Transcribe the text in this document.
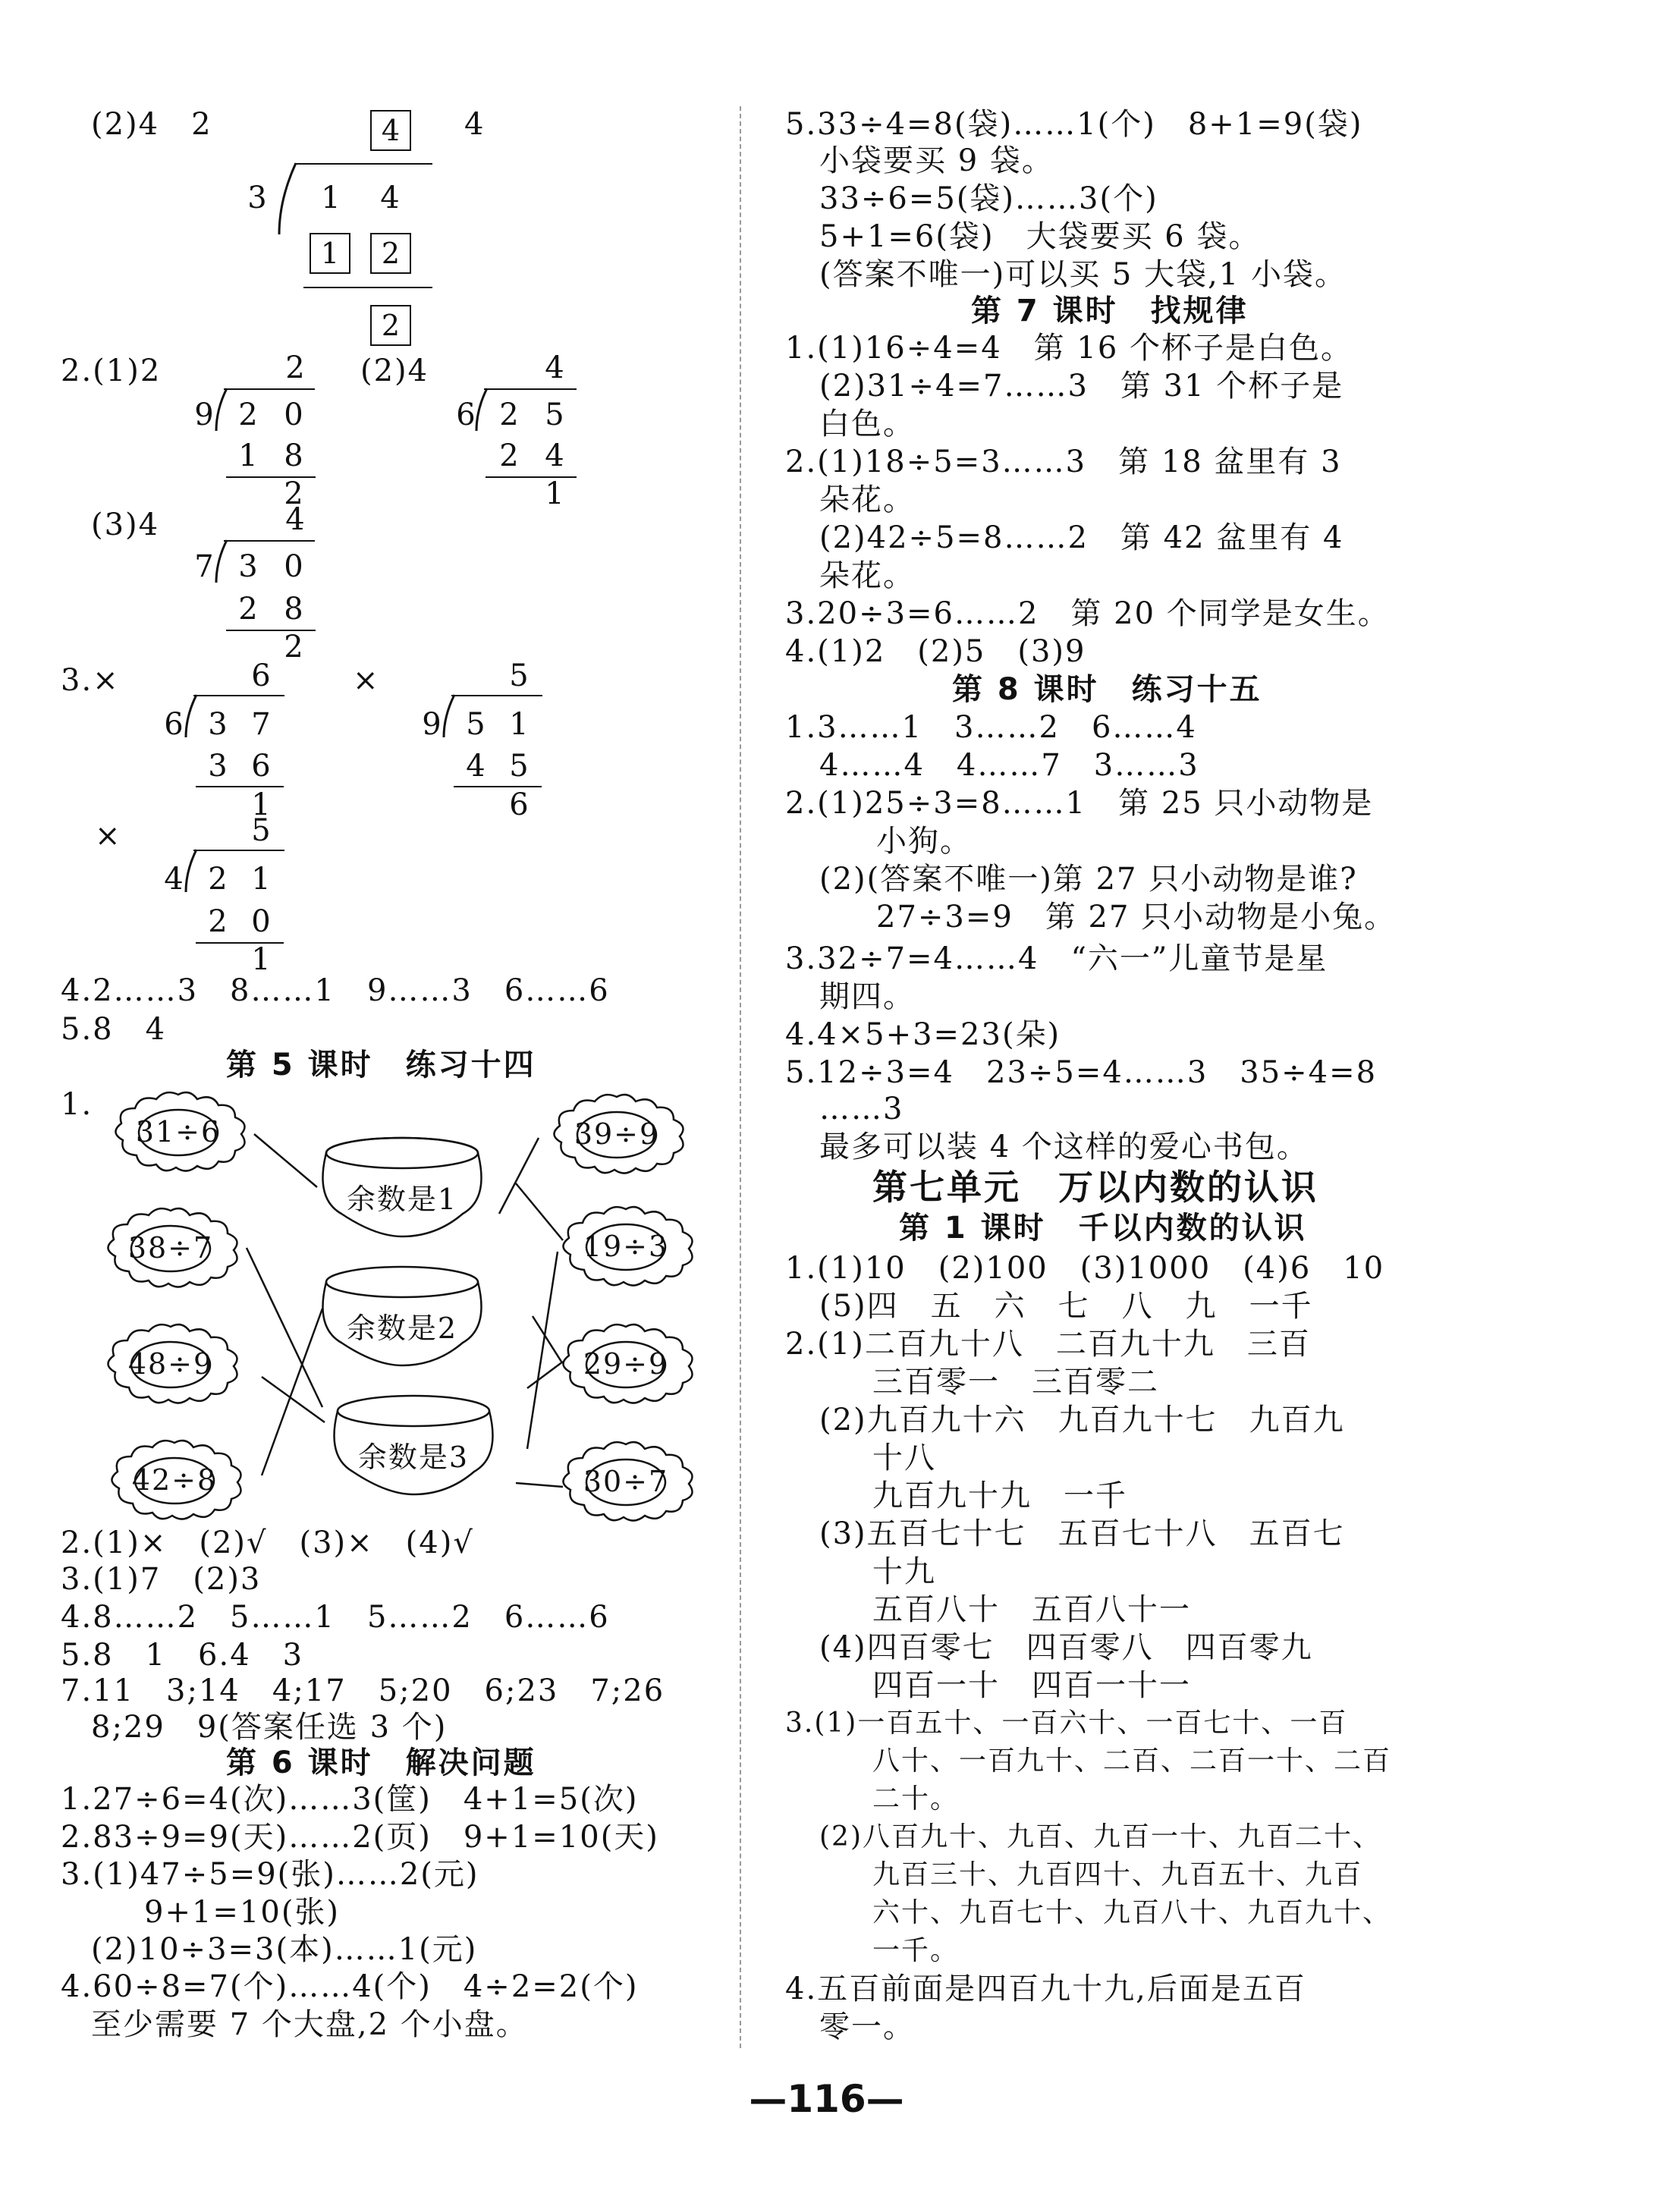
(2)4　2	4	4
3	1	4
1	2
2
2.(1)2	2
9 2 0
1 8
2
(2)4	4
6 2 5
2 4
1
(3)4	4
7 3 0
2 8
2
3.×	6
6 3 7
3 6
1
×	5
9 5 1
4 5
6
×	5
4 2 1
2 0
1
4.2……3　8……1　9……3　6……6
5.8　4
第 5 课时　练习十四
1.
31÷6
38÷7
48÷9
42÷8
39÷9
19÷3
29÷9
30÷7
余数是1
余数是2
余数是3
2.(1)×　(2)√　(3)×　(4)√
3.(1)7　(2)3
4.8……2　5……1　5……2　6……6
5.8　1　6.4　3
7.11　3;14　4;17　5;20　6;23　7;26
8;29　9(答案任选 3 个)
第 6 课时　解决问题
1.27÷6=4(次)……3(筐)　4+1=5(次)
2.83÷9=9(天)……2(页)　9+1=10(天)
3.(1)47÷5=9(张)……2(元)
9+1=10(张)
(2)10÷3=3(本)……1(元)
4.60÷8=7(个)……4(个)　4÷2=2(个)
至少需要 7 个大盘,2 个小盘。
5.33÷4=8(袋)……1(个)　8+1=9(袋)
小袋要买 9 袋。
33÷6=5(袋)……3(个)
5+1=6(袋)　大袋要买 6 袋。
(答案不唯一)可以买 5 大袋,1 小袋。
第 7 课时　找规律
1.(1)16÷4=4　第 16 个杯子是白色。
(2)31÷4=7……3　第 31 个杯子是
白色。
2.(1)18÷5=3……3　第 18 盆里有 3
朵花。
(2)42÷5=8……2　第 42 盆里有 4
朵花。
3.20÷3=6……2　第 20 个同学是女生。
4.(1)2　(2)5　(3)9
第 8 课时　练习十五
1.3……1　3……2　6……4
4……4　4……7　3……3
2.(1)25÷3=8……1　第 25 只小动物是
小狗。
(2)(答案不唯一)第 27 只小动物是谁?
27÷3=9　第 27 只小动物是小兔。
3.32÷7=4……4　“六一”儿童节是星
期四。
4.4×5+3=23(朵)
5.12÷3=4　23÷5=4……3　35÷4=8
……3
最多可以装 4 个这样的爱心书包。
第七单元　万以内数的认识
第 1 课时　千以内数的认识
1.(1)10　(2)100　(3)1000　(4)6　10
(5)四　五　六　七　八　九　一千
2.(1)二百九十八　二百九十九　三百
三百零一　三百零二
(2)九百九十六　九百九十七　九百九
十八
九百九十九　一千
(3)五百七十七　五百七十八　五百七
十九
五百八十　五百八十一
(4)四百零七　四百零八　四百零九
四百一十　四百一十一
3.(1)一百五十、一百六十、一百七十、一百
八十、一百九十、二百、二百一十、二百
二十。
(2)八百九十、九百、九百一十、九百二十、
九百三十、九百四十、九百五十、九百
六十、九百七十、九百八十、九百九十、
一千。
4.五百前面是四百九十九,后面是五百
零一。
—116—
